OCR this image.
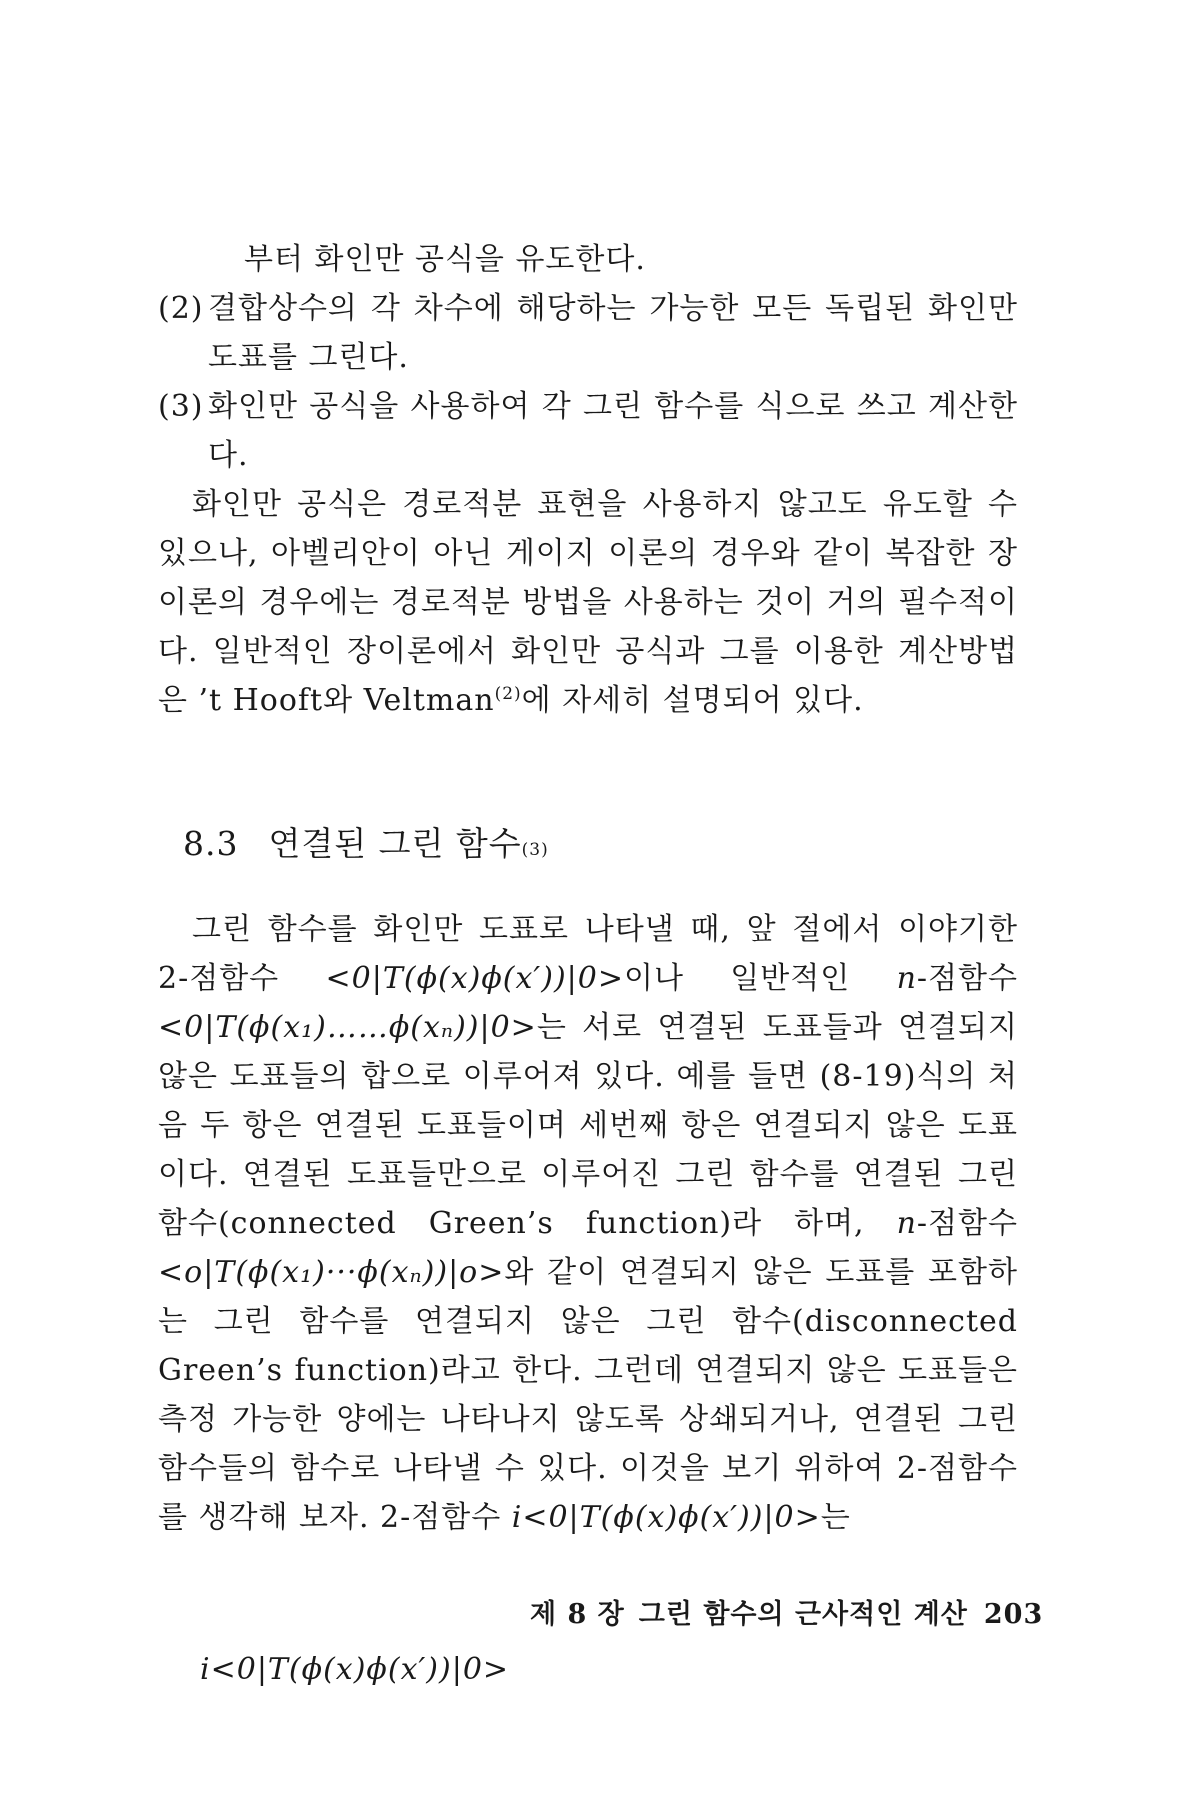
부터 화인만 공식을 유도한다.
(2) 결합상수의 각 차수에 해당하는 가능한 모든 독립된 화인만 도표를 그린다.
(3) 화인만 공식을 사용하여 각 그린 함수를 식으로 쓰고 계산한다.
화인만 공식은 경로적분 표현을 사용하지 않고도 유도할 수 있으나, 아벨리안이 아닌 게이지 이론의 경우와 같이 복잡한 장이론의 경우에는 경로적분 방법을 사용하는 것이 거의 필수적이다. 일반적인 장이론에서 화인만 공식과 그를 이용한 계산방법은 ’t Hooft와 Veltman$^{(2)}$에 자세히 설명되어 있다.
8.3 연결된 그린 함수 (3)
그린 함수를 화인만 도표로 나타낼 때, 앞 절에서 이야기한 2-점함수 <0|T(ϕ(x)ϕ(x′))|0>이나 일반적인 n-점함수 <0|T(ϕ(x₁)……ϕ(xₙ))|0>는 서로 연결된 도표들과 연결되지 않은 도표들의 합으로 이루어져 있다. 예를 들면 (8-19)식의 처음 두 항은 연결된 도표들이며 세번째 항은 연결되지 않은 도표이다. 연결된 도표들만으로 이루어진 그린 함수를 연결된 그린 함수(connected Green’s function)라 하며, n-점함수 <o|T(ϕ(x₁)···ϕ(xₙ))|o>와 같이 연결되지 않은 도표를 포함하는 그린 함수를 연결되지 않은 그린 함수(disconnected Green’s function)라고 한다. 그런데 연결되지 않은 도표들은 측정 가능한 양에는 나타나지 않도록 상쇄되거나, 연결된 그린 함수들의 함수로 나타낼 수 있다. 이것을 보기 위하여 2-점함수를 생각해 보자. 2-점함수 i<0|T(ϕ(x)ϕ(x′))|0>는
i<0|T(ϕ(x)ϕ(x′))|0>
제 8 장 그린 함수의 근사적인 계산 203
